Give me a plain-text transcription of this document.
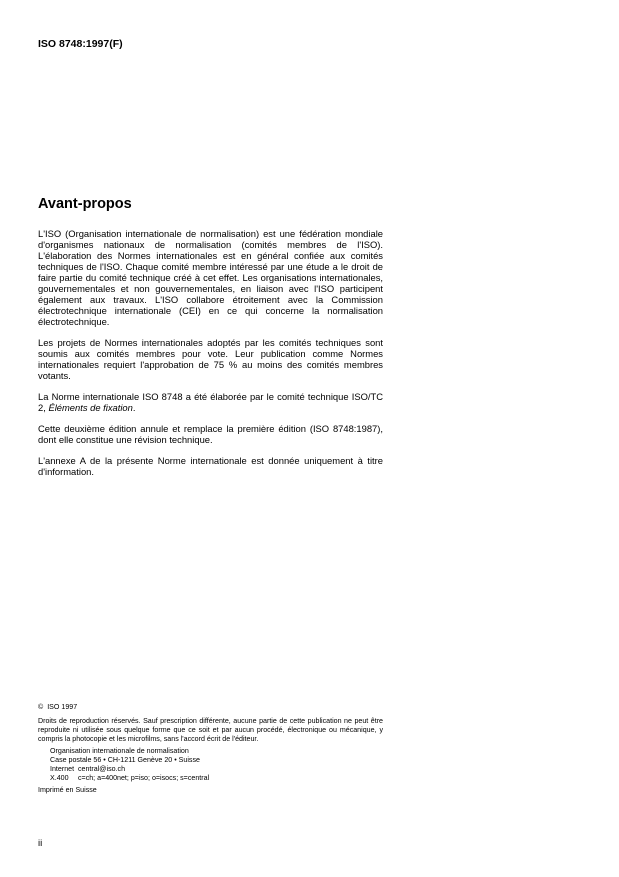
ISO 8748:1997(F)
Avant-propos

L'ISO (Organisation internationale de normalisation) est une fédération mondiale d'organismes nationaux de normalisation (comités membres de l'ISO). L'élaboration des Normes internationales est en général confiée aux comités techniques de l'ISO. Chaque comité membre intéressé par une étude a le droit de faire partie du comité technique créé à cet effet. Les organisations internationales, gouvernementales et non gouvernementales, en liaison avec l'ISO participent également aux travaux. L'ISO collabore étroitement avec la Commission électrotechnique internationale (CEI) en ce qui concerne la normalisation électrotechnique.

Les projets de Normes internationales adoptés par les comités techniques sont soumis aux comités membres pour vote. Leur publication comme Normes internationales requiert l'approbation de 75 % au moins des comités membres votants.

La Norme internationale ISO 8748 a été élaborée par le comité technique ISO/TC 2, Éléments de fixation.

Cette deuxième édition annule et remplace la première édition (ISO 8748:1987), dont elle constitue une révision technique.

L'annexe A de la présente Norme internationale est donnée uniquement à titre d'information.

© ISO 1997

Droits de reproduction réservés. Sauf prescription différente, aucune partie de cette publication ne peut être reproduite ni utilisée sous quelque forme que ce soit et par aucun procédé, électronique ou mécanique, y compris la photocopie et les microfilms, sans l'accord écrit de l'éditeur.

Organisation internationale de normalisation
Case postale 56 • CH-1211 Genève 20 • Suisse
Internet central@iso.ch
X.400	c=ch; a=400net; p=iso; o=isocs; s=central

Imprimé en Suisse

ii
